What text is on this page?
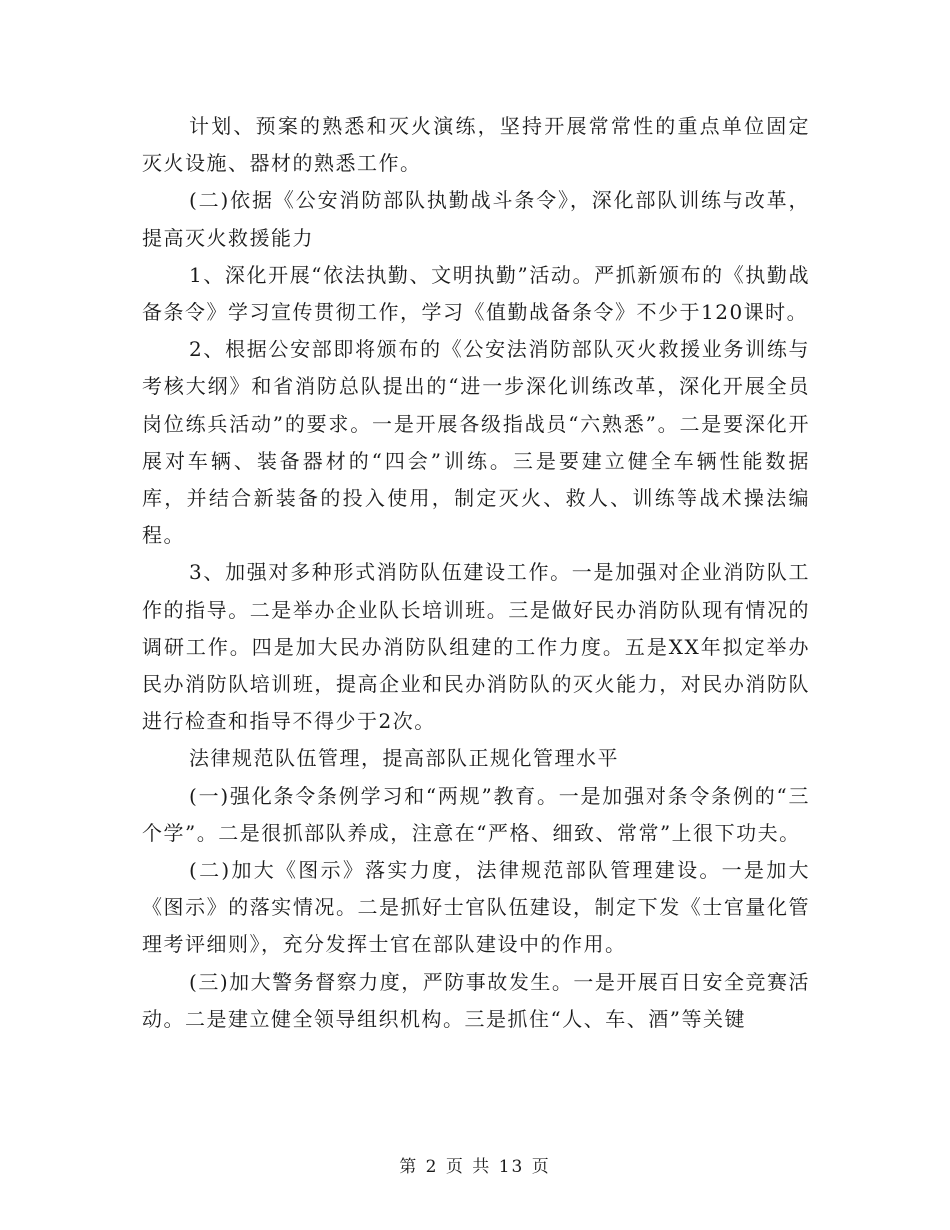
计划、预案的熟悉和灭火演练，坚持开展常常性的重点单位固定灭火设施、器材的熟悉工作。

(二)依据《公安消防部队执勤战斗条令》，深化部队训练与改革，提高灭火救援能力

1、深化开展“依法执勤、文明执勤”活动。严抓新颁布的《执勤战备条令》学习宣传贯彻工作，学习《值勤战备条令》不少于120课时。

2、根据公安部即将颁布的《公安法消防部队灭火救援业务训练与考核大纲》和省消防总队提出的“进一步深化训练改革，深化开展全员岗位练兵活动”的要求。一是开展各级指战员“六熟悉”。二是要深化开展对车辆、装备器材的“四会”训练。三是要建立健全车辆性能数据库，并结合新装备的投入使用，制定灭火、救人、训练等战术操法编程。

3、加强对多种形式消防队伍建设工作。一是加强对企业消防队工作的指导。二是举办企业队长培训班。三是做好民办消防队现有情况的调研工作。四是加大民办消防队组建的工作力度。五是XX年拟定举办民办消防队培训班，提高企业和民办消防队的灭火能力，对民办消防队进行检查和指导不得少于2次。

法律规范队伍管理，提高部队正规化管理水平

(一)强化条令条例学习和“两规”教育。一是加强对条令条例的“三个学”。二是很抓部队养成，注意在“严格、细致、常常”上很下功夫。

(二)加大《图示》落实力度，法律规范部队管理建设。一是加大《图示》的落实情况。二是抓好士官队伍建设，制定下发《士官量化管理考评细则》，充分发挥士官在部队建设中的作用。

(三)加大警务督察力度，严防事故发生。一是开展百日安全竞赛活动。二是建立健全领导组织机构。三是抓住“人、车、酒”等关键

第 2 页 共 13 页
